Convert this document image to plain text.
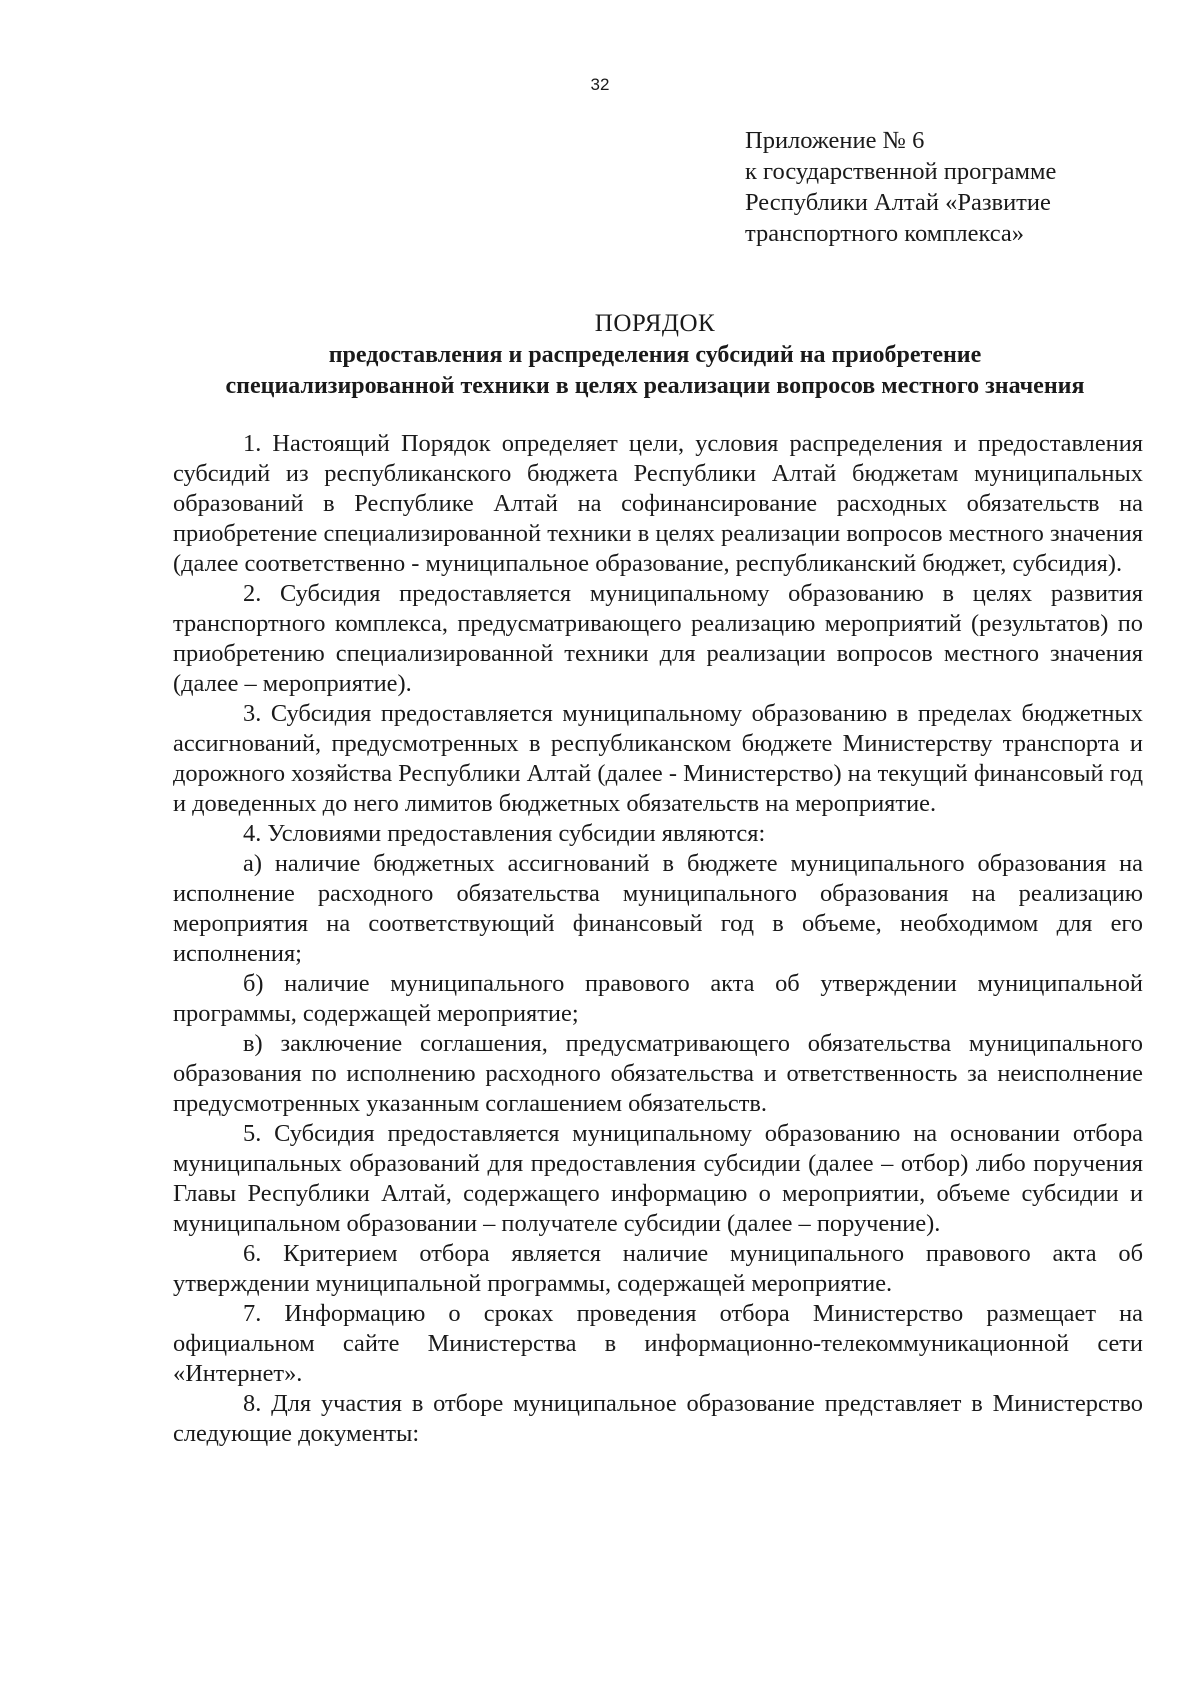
32
Приложение № 6
к государственной программе
Республики Алтай «Развитие
транспортного комплекса»
ПОРЯДОК
предоставления и распределения субсидий на приобретение
специализированной техники в целях реализации вопросов местного значения

1. Настоящий Порядок определяет цели, условия распределения и предоставления субсидий из республиканского бюджета Республики Алтай бюджетам муниципальных образований в Республике Алтай на софинансирование расходных обязательств на приобретение специализированной техники в целях реализации вопросов местного значения (далее соответственно - муниципальное образование, республиканский бюджет, субсидия).

2. Субсидия предоставляется муниципальному образованию в целях развития транспортного комплекса, предусматривающего реализацию мероприятий (результатов) по приобретению специализированной техники для реализации вопросов местного значения (далее – мероприятие).

3. Субсидия предоставляется муниципальному образованию в пределах бюджетных ассигнований, предусмотренных в республиканском бюджете Министерству транспорта и дорожного хозяйства Республики Алтай (далее - Министерство) на текущий финансовый год и доведенных до него лимитов бюджетных обязательств на мероприятие.

4. Условиями предоставления субсидии являются:

а) наличие бюджетных ассигнований в бюджете муниципального образования на исполнение расходного обязательства муниципального образования на реализацию мероприятия на соответствующий финансовый год в объеме, необходимом для его исполнения;

б) наличие муниципального правового акта об утверждении муниципальной программы, содержащей мероприятие;

в) заключение соглашения, предусматривающего обязательства муниципального образования по исполнению расходного обязательства и ответственность за неисполнение предусмотренных указанным соглашением обязательств.

5. Субсидия предоставляется муниципальному образованию на основании отбора муниципальных образований для предоставления субсидии (далее – отбор) либо поручения Главы Республики Алтай, содержащего информацию о мероприятии, объеме субсидии и муниципальном образовании – получателе субсидии (далее – поручение).

6. Критерием отбора является наличие муниципального правового акта об утверждении муниципальной программы, содержащей мероприятие.

7. Информацию о сроках проведения отбора Министерство размещает на официальном сайте Министерства в информационно-телекоммуникационной сети «Интернет».

8. Для участия в отборе муниципальное образование представляет в Министерство следующие документы:
